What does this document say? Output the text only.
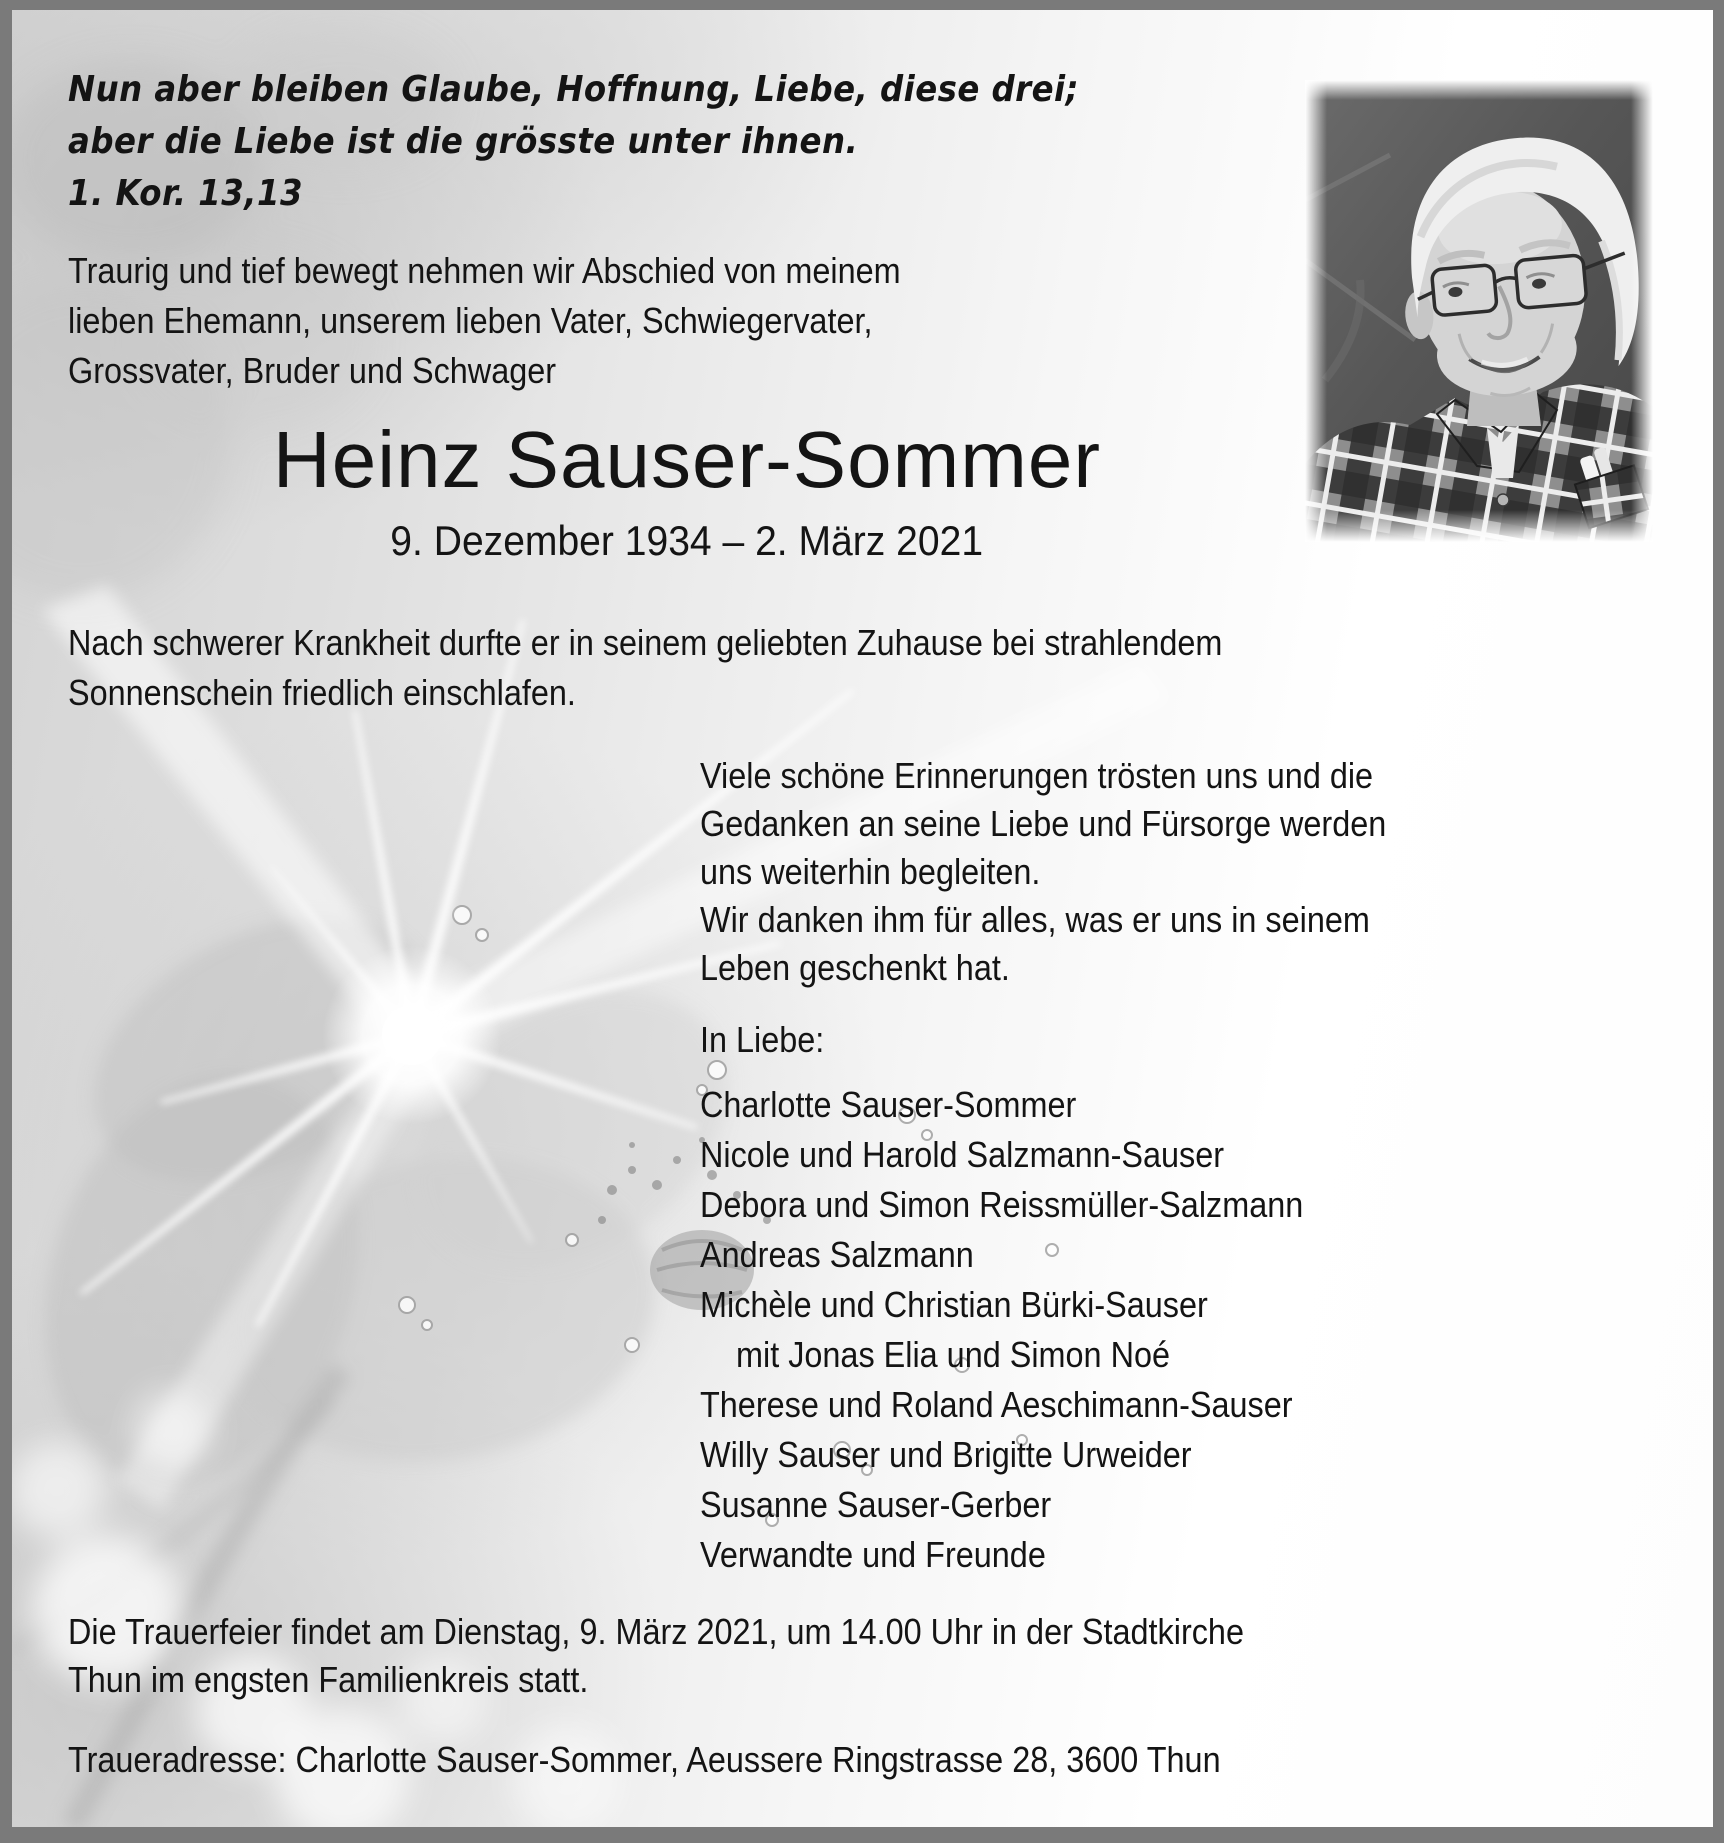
Nun aber bleiben Glaube, Hoffnung, Liebe, diese drei;
aber die Liebe ist die grösste unter ihnen.
1. Kor. 13,13
Traurig und tief bewegt nehmen wir Abschied von meinem
lieben Ehemann, unserem lieben Vater, Schwiegervater,
Grossvater, Bruder und Schwager
Heinz Sauser-Sommer
9. Dezember 1934 – 2. März 2021
Nach schwerer Krankheit durfte er in seinem geliebten Zuhause bei strahlendem
Sonnenschein friedlich einschlafen.
Viele schöne Erinnerungen trösten uns und die
Gedanken an seine Liebe und Fürsorge werden
uns weiterhin begleiten.
Wir danken ihm für alles, was er uns in seinem
Leben geschenkt hat.
In Liebe:
Charlotte Sauser-Sommer
Nicole und Harold Salzmann-Sauser
Debora und Simon Reissmüller-Salzmann
Andreas Salzmann
Michèle und Christian Bürki-Sauser
mit Jonas Elia und Simon Noé
Therese und Roland Aeschimann-Sauser
Willy Sauser und Brigitte Urweider
Susanne Sauser-Gerber
Verwandte und Freunde
Die Trauerfeier findet am Dienstag, 9. März 2021, um 14.00 Uhr in der Stadtkirche
Thun im engsten Familienkreis statt.
Traueradresse: Charlotte Sauser-Sommer, Aeussere Ringstrasse 28, 3600 Thun
